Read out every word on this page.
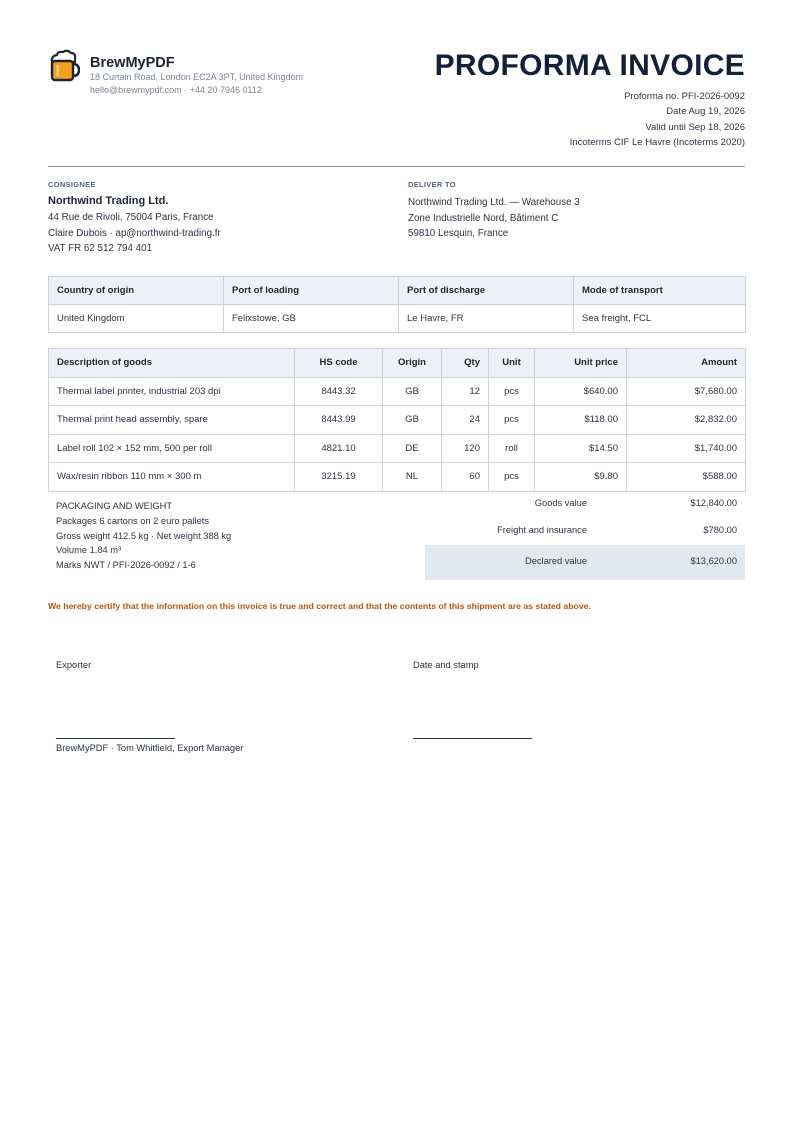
BrewMyPDF
18 Curtain Road, London EC2A 3PT, United Kingdom
hello@brewmypdf.com · +44 20 7946 0112
PROFORMA INVOICE
Proforma no. PFI-2026-0092
Date Aug 19, 2026
Valid until Sep 18, 2026
Incoterms CIF Le Havre (Incoterms 2020)
CONSIGNEE
Northwind Trading Ltd.
44 Rue de Rivoli, 75004 Paris, France
Claire Dubois · ap@northwind-trading.fr
VAT FR 62 512 794 401
DELIVER TO
Northwind Trading Ltd. — Warehouse 3
Zone Industrielle Nord, Bâtiment C
59810 Lesquin, France
Country of origin	Port of loading	Port of discharge	Mode of transport
United Kingdom	Felixstowe, GB	Le Havre, FR	Sea freight, FCL
Description of goods	HS code	Origin	Qty	Unit	Unit price	Amount
Thermal label printer, industrial 203 dpi	8443.32	GB	12	pcs	$640.00	$7,680.00
Thermal print head assembly, spare	8443.99	GB	24	pcs	$118.00	$2,832.00
Label roll 102 × 152 mm, 500 per roll	4821.10	DE	120	roll	$14.50	$1,740.00
Wax/resin ribbon 110 mm × 300 m	3215.19	NL	60	pcs	$9.80	$588.00
PACKAGING AND WEIGHT
Packages 6 cartons on 2 euro pallets
Gross weight 412.5 kg · Net weight 388 kg
Volume 1.84 m³
Marks NWT / PFI-2026-0092 / 1-6
Goods value	$12,840.00
Freight and insurance	$780.00
Declared value	$13,620.00
We hereby certify that the information on this invoice is true and correct and that the contents of this shipment are as stated above.
Exporter	Date and stamp
BrewMyPDF · Tom Whitfield, Export Manager
